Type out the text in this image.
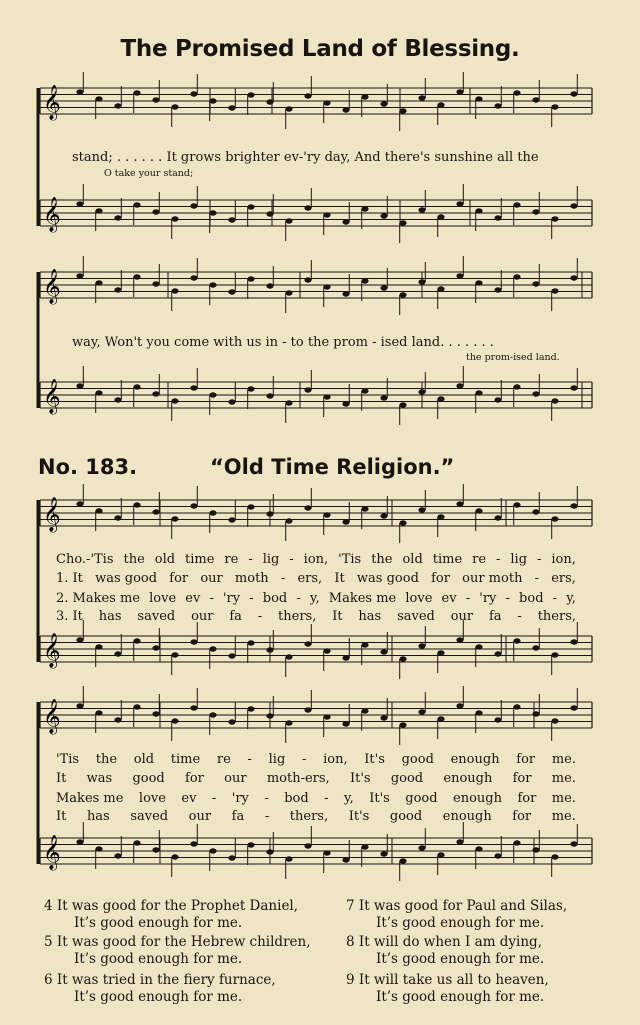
𝄞
𝄞
𝄞
𝄞
𝄞
𝄞
𝄞
𝄞
The Promised Land of Blessing.
stand; . . . . . . It grows brighter ev-'ry day, And there's sunshine all the
O take your stand;
way, Won't you come with us in - to the prom - ised land. . . . . . .
the prom-ised land.
No. 183.	“Old Time Religion.”
Cho.-'Tis the old time re - lig - ion, 'Tis the old time re - lig - ion,
1. It was good for our moth - ers, It was good for our moth - ers,
2. Makes me love ev - 'ry - bod - y, Makes me love ev - 'ry - bod - y,
3. It has saved our fa - thers, It has saved our fa - thers,
'Tis the old time re - lig - ion, It's good enough for me.
It was good for our moth-ers, It's good enough for me.
Makes me love ev - 'ry - bod - y, It's good enough for me.
It has saved our fa - thers, It's good enough for me.
4 It was good for the Prophet Daniel,
It’s good enough for me.
7 It was good for Paul and Silas,
It’s good enough for me.
5 It was good for the Hebrew children,
It’s good enough for me.
8 It will do when I am dying,
It’s good enough for me.
6 It was tried in the fiery furnace,
It’s good enough for me.
9 It will take us all to heaven,
It’s good enough for me.
